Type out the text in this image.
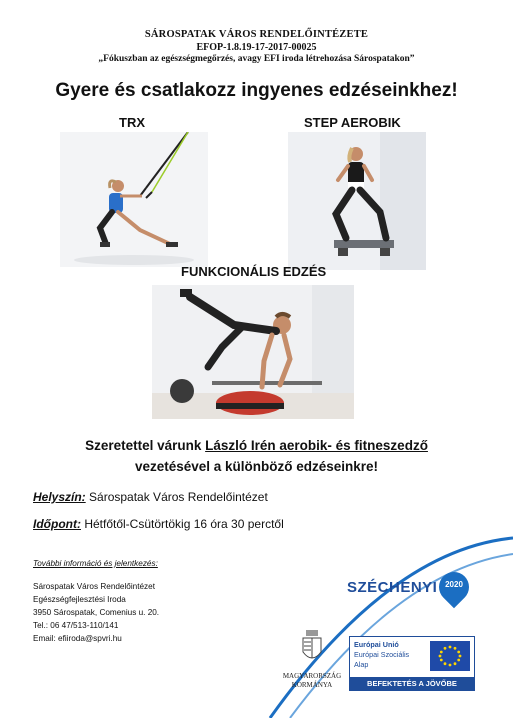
SÁROSPATAK VÁROS RENDELŐINTÉZETE
EFOP-1.8.19-17-2017-00025
„Fókuszban az egészségmegőrzés, avagy EFI iroda létrehozása Sárospatakon”
Gyere és csatlakozz ingyenes edzéseinkhez!
TRX	STEP AEROBIK
FUNKCIONÁLIS EDZÉS
Szeretettel várunk László Irén aerobik- és fitneszedző
vezetésével a különböző edzéseinkre!
Helyszín: Sárospatak Város Rendelőintézet
Időpont: Hétfőtől-Csütörtökig 16 óra 30 perctől
További információ és jelentkezés:
Sárospatak Város Rendelőintézet
Egészségfejlesztési Iroda
3950 Sárospatak, Comenius u. 20.
Tel.: 06 47/513-110/141
Email: efiiroda@spvri.hu
SZÉCHENYI 2020
MAGYARORSZÁG
KORMÁNYA
Európai Unió
Európai Szociális
Alap
BEFEKTETÉS A JÖVŐBE
